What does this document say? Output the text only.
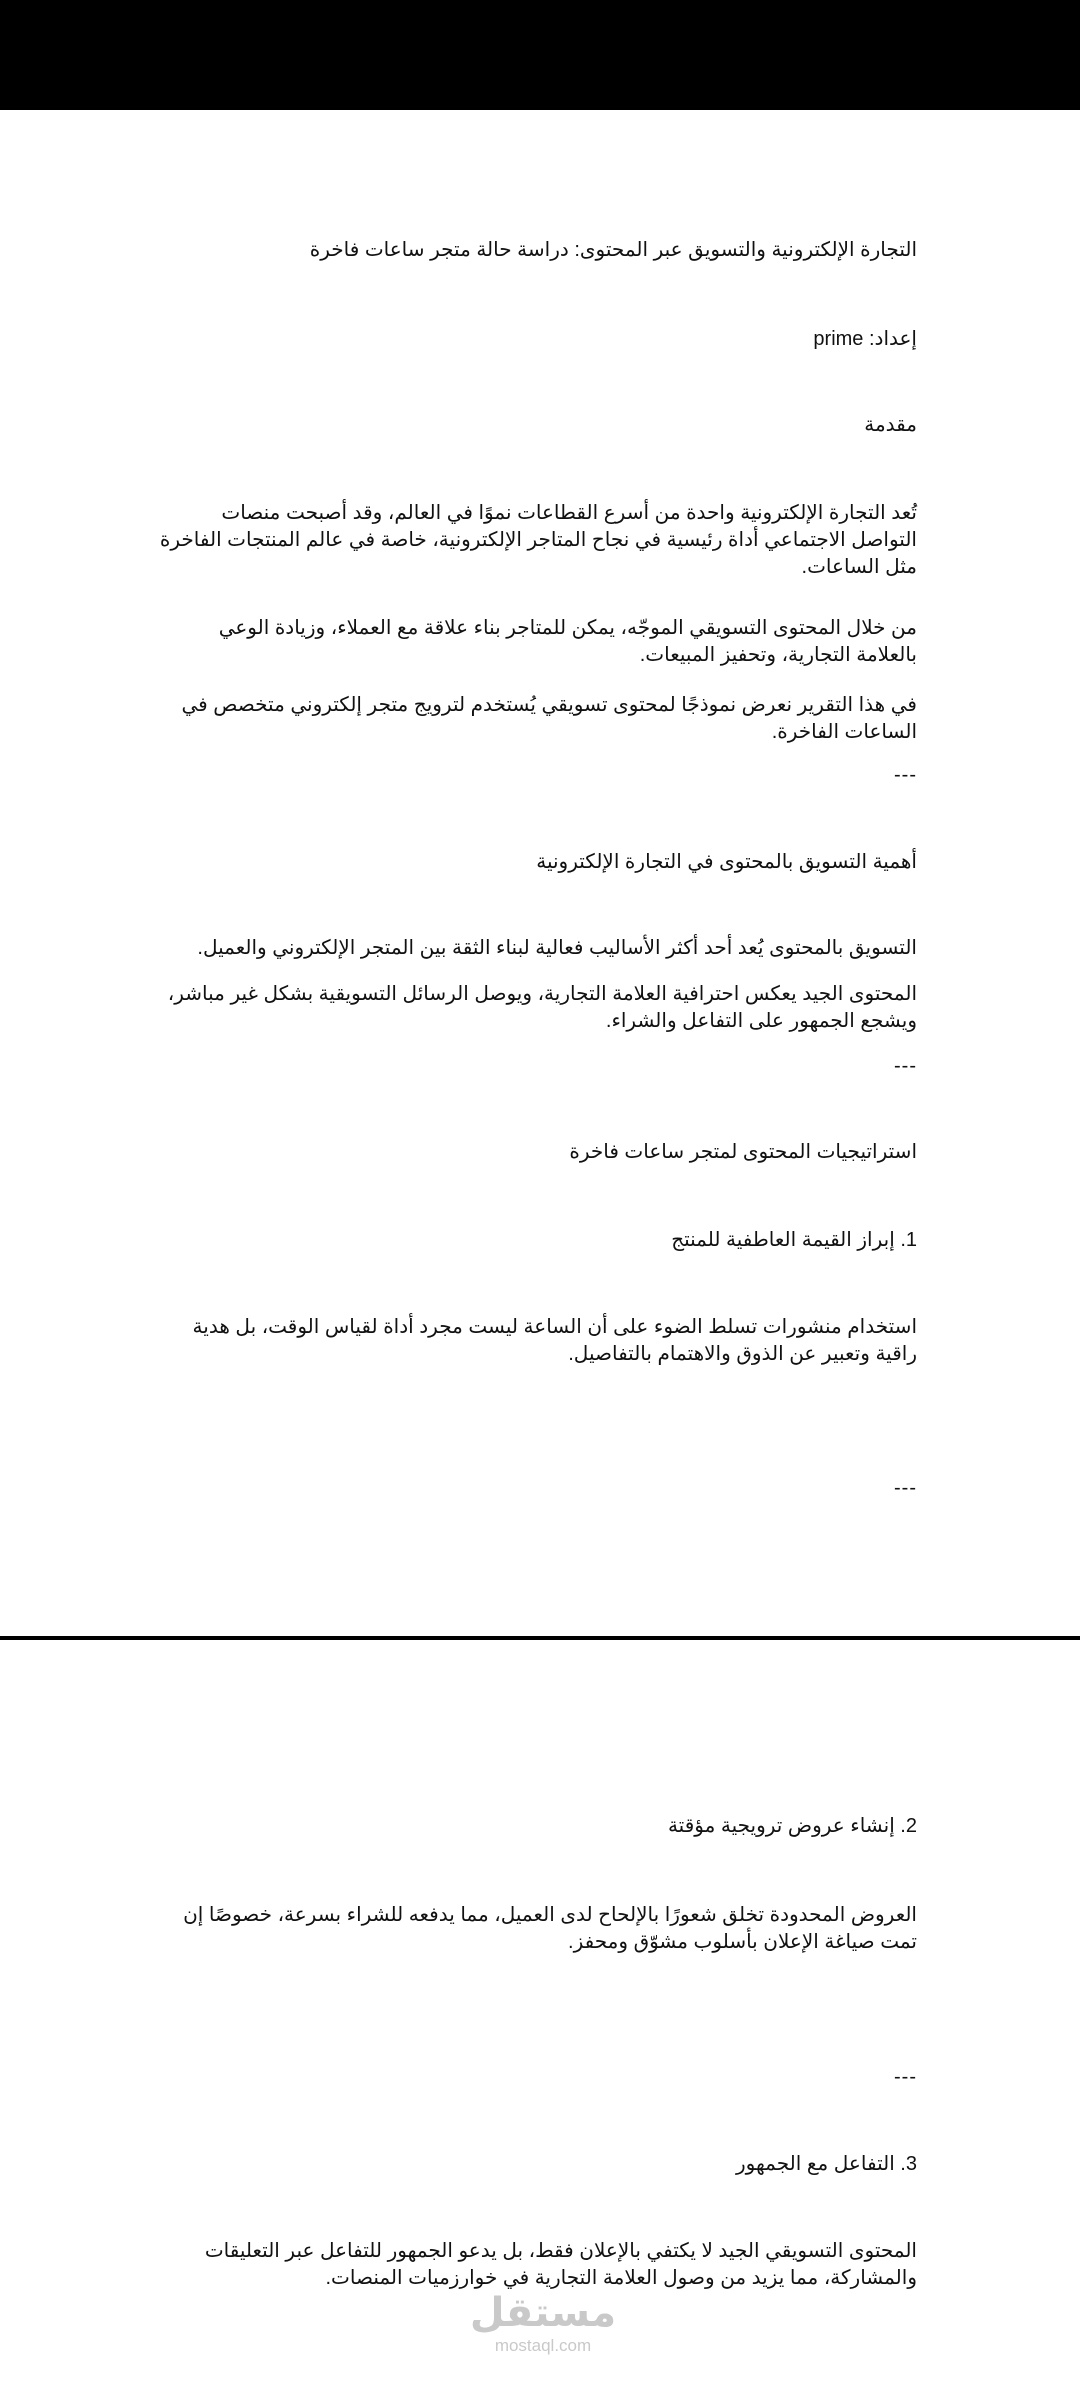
التجارة الإلكترونية والتسويق عبر المحتوى: دراسة حالة متجر ساعات فاخرة

إعداد: prime

مقدمة

تُعد التجارة الإلكترونية واحدة من أسرع القطاعات نموًا في العالم، وقد أصبحت منصات التواصل الاجتماعي أداة رئيسية في نجاح المتاجر الإلكترونية، خاصة في عالم المنتجات الفاخرة مثل الساعات.

من خلال المحتوى التسويقي الموجّه، يمكن للمتاجر بناء علاقة مع العملاء، وزيادة الوعي بالعلامة التجارية، وتحفيز المبيعات.

في هذا التقرير نعرض نموذجًا لمحتوى تسويقي يُستخدم لترويج متجر إلكتروني متخصص في الساعات الفاخرة.

---

أهمية التسويق بالمحتوى في التجارة الإلكترونية

التسويق بالمحتوى يُعد أحد أكثر الأساليب فعالية لبناء الثقة بين المتجر الإلكتروني والعميل.

المحتوى الجيد يعكس احترافية العلامة التجارية، ويوصل الرسائل التسويقية بشكل غير مباشر، ويشجع الجمهور على التفاعل والشراء.

---

استراتيجيات المحتوى لمتجر ساعات فاخرة

1. إبراز القيمة العاطفية للمنتج

استخدام منشورات تسلط الضوء على أن الساعة ليست مجرد أداة لقياس الوقت، بل هدية راقية وتعبير عن الذوق والاهتمام بالتفاصيل.

---

2. إنشاء عروض ترويجية مؤقتة

العروض المحدودة تخلق شعورًا بالإلحاح لدى العميل، مما يدفعه للشراء بسرعة، خصوصًا إن تمت صياغة الإعلان بأسلوب مشوّق ومحفز.

---

3. التفاعل مع الجمهور

المحتوى التسويقي الجيد لا يكتفي بالإعلان فقط، بل يدعو الجمهور للتفاعل عبر التعليقات والمشاركة، مما يزيد من وصول العلامة التجارية في خوارزميات المنصات.

مستقل
mostaql.com
